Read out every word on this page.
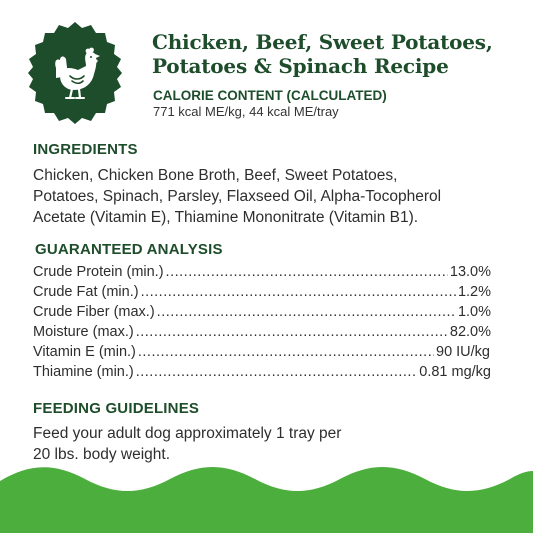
Chicken, Beef, Sweet Potatoes,
Potatoes & Spinach Recipe
CALORIE CONTENT (CALCULATED)
771 kcal ME/kg, 44 kcal ME/tray
INGREDIENTS
Chicken, Chicken Bone Broth, Beef, Sweet Potatoes,
Potatoes, Spinach, Parsley, Flaxseed Oil, Alpha-Tocopherol
Acetate (Vitamin E), Thiamine Mononitrate (Vitamin B1).
GUARANTEED ANALYSIS
Crude Protein (min.) .....	13.0%
Crude Fat (min.) .....	1.2%
Crude Fiber (max.) .....	1.0%
Moisture (max.) .....	82.0%
Vitamin E (min.) .....	90 IU/kg
Thiamine (min.) .....	0.81 mg/kg
FEEDING GUIDELINES
Feed your adult dog approximately 1 tray per
20 lbs. body weight.
